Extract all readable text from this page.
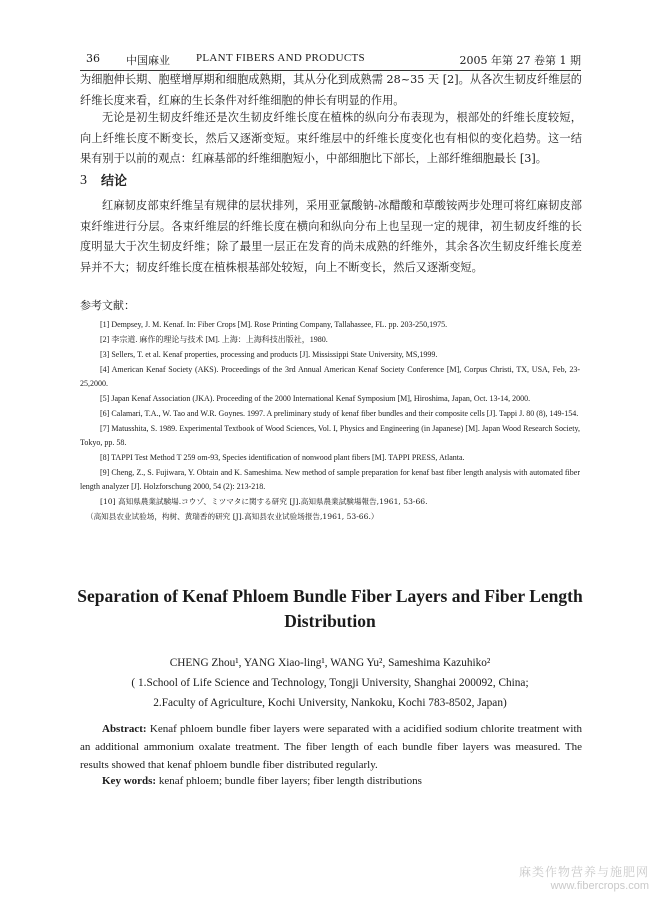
36 中国麻业 PLANT FIBERS AND PRODUCTS	2005 年第 27 卷第 1 期
为细胞伸长期、胞壁增厚期和细胞成熟期，其从分化到成熟需 28~35 天 [2]。从各次生韧皮纤维层的纤维长度来看，红麻的生长条件对纤维细胞的伸长有明显的作用。
无论是初生韧皮纤维还是次生韧皮纤维长度在植株的纵向分布表现为，根部处的纤维长度较短，向上纤维长度不断变长，然后又逐渐变短。束纤维层中的纤维长度变化也有相似的变化趋势。这一结果有别于以前的观点：红麻基部的纤维细胞短小，中部细胞比下部长，上部纤维细胞最长 [3]。
3 结论
红麻韧皮部束纤维呈有规律的层状排列，采用亚氯酸钠-冰醋酸和草酸铵两步处理可将红麻韧皮部束纤维进行分层。各束纤维层的纤维长度在横向和纵向分布上也呈现一定的规律，初生韧皮纤维的长度明显大于次生韧皮纤维；除了最里一层正在发育的尚未成熟的纤维外，其余各次生韧皮纤维长度差异并不大；韧皮纤维长度在植株根基部处较短，向上不断变长，然后又逐渐变短。
参考文献：
[1] Dempsey, J. M. Kenaf. In: Fiber Crops [M]. Rose Printing Company, Tallahassee, FL. pp. 203-250,1975.
[2] 李宗道. 麻作的理论与技术 [M]. 上海：上海科技出版社，1980.
[3] Sellers, T. et al. Kenaf properties, processing and products [J]. Mississippi State University, MS,1999.
[4] American Kenaf Society (AKS). Proceedings of the 3rd Annual American Kenaf Society Conference [M], Corpus Christi, TX, USA, Feb, 23-25,2000.
[5] Japan Kenaf Association (JKA). Proceeding of the 2000 International Kenaf Symposium [M], Hiroshima, Japan, Oct. 13-14, 2000.
[6] Calamari, T.A., W. Tao and W.R. Goynes. 1997. A preliminary study of kenaf fiber bundles and their composite cells [J]. Tappi J. 80 (8), 149-154.
[7] Matusshita, S. 1989. Experimental Textbook of Wood Sciences, Vol. I, Physics and Engineering (in Japanese) [M]. Japan Wood Research Society, Tokyo, pp. 58.
[8] TAPPI Test Method T 259 om-93, Species identification of nonwood plant fibers [M]. TAPPI PRESS, Atlanta.
[9] Cheng, Z., S. Fujiwara, Y. Obtain and K. Sameshima. New method of sample preparation for kenaf bast fiber length analysis with automated fiber length analyzer [J]. Holzforschung 2000, 54 (2): 213-218.
[10] 高知県農業試験場.コウゾ、ミツマタに関する研究 [J].高知県農業試験場報告,1961, 53-66.
（高知县农业试验场，构树、黄瑞香的研究 [J].高知县农业试验场报告,1961, 53-66.）
Separation of Kenaf Phloem Bundle Fiber Layers and Fiber Length Distribution
CHENG Zhou¹, YANG Xiao-ling¹, WANG Yu², Sameshima Kazuhiko²
( 1.School of Life Science and Technology, Tongji University, Shanghai 200092, China;
2.Faculty of Agriculture, Kochi University, Nankoku, Kochi 783-8502, Japan)
Abstract: Kenaf phloem bundle fiber layers were separated with a acidified sodium chlorite treatment with an additional ammonium oxalate treatment. The fiber length of each bundle fiber layers was measured. The results showed that kenaf phloem bundle fiber distributed regularly.
Key words: kenaf phloem; bundle fiber layers; fiber length distributions
麻类作物营养与施肥网
www.fibercrops.com
